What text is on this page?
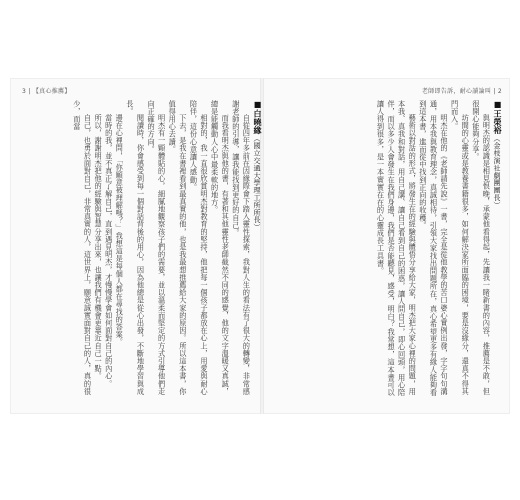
3 | 【真心推薦】	老師即告訴，耐心讀論叫 | 2

■王榮裕（金枝演社劇團團長）

與明杰的認識是相見恨晚，承蒙他看得起，先讓我一睹新書的內容，推薦是不敢，但很開心能夠分享。

坊間的心靈或是教養書籍很多，如何解決家所面臨的困境，要是沒緣分，還真不得其門而入。

明杰在他的《老師請先說》一書，完全是從他教學的苦口婆心實例出發，字字句句溝通，用本我與教育理念，真誠相待，引領大家找出問題所在，真心希望更多有緣人能夠看到這本書，進而從中找到正向的收穫。

藝術以對話的形式，將發生在的經驗與體悟分享給大家，明杰把大家心裡的問題，用本我、真我和對話，用自己講、讓自己看到自己的困惑，讓人問自己，即心回頭，用心陪伴，而以多少人會發生在我們身邊，我們是否能聽見，感受，明白？我常想，這本書可以讓人得到很多，是一本實實在在的心靈成長工具書。

■白曉緣（國立交通大學理工所所長）

自從四年多前在因緣際會下踏入靈性探索，我對人生的看法有了很大的轉變，非常感謝老師的引導，讓我能找到更好的自己。

而我看明杰與他的書，有著和其他靈性老師截然不同的感覺，他的文字溫暖又真誠，總是能觸動人心中最柔軟的地方。

相對的，我一直很欣賞明杰對教育的堅持，他把每一個孩子都放在心上，用愛與耐心陪伴，這份心意讓人感動。

下去，是我在書裡看到最真實的他，也是我最想推薦給大家的原因。所以這本書，你值得用心去讀。

明杰有一顆體貼的心，細膩地觀察孩子們的需要，並以溫柔而堅定的方式引導他們走向正確的方向。

閱讀時，你會感受到每一個對話背後的用心，因為他總是從心出發，不斷地學習與成長。

邊在心裡問，「你願意被理解嗎？」我想這是每個人都在尋找的答案。

當時的我，並不真正了解自己，直到遇見明杰，才慢慢學會如何面對自己的內心。

所以，謝謝明杰把他的經驗與智慧分享出來，也讓我們有機會更靠近自己一點。

自己，也勇於面對自己，非常真實的人，這世界上，願意誠實面對自己的人，真的很少，而當
